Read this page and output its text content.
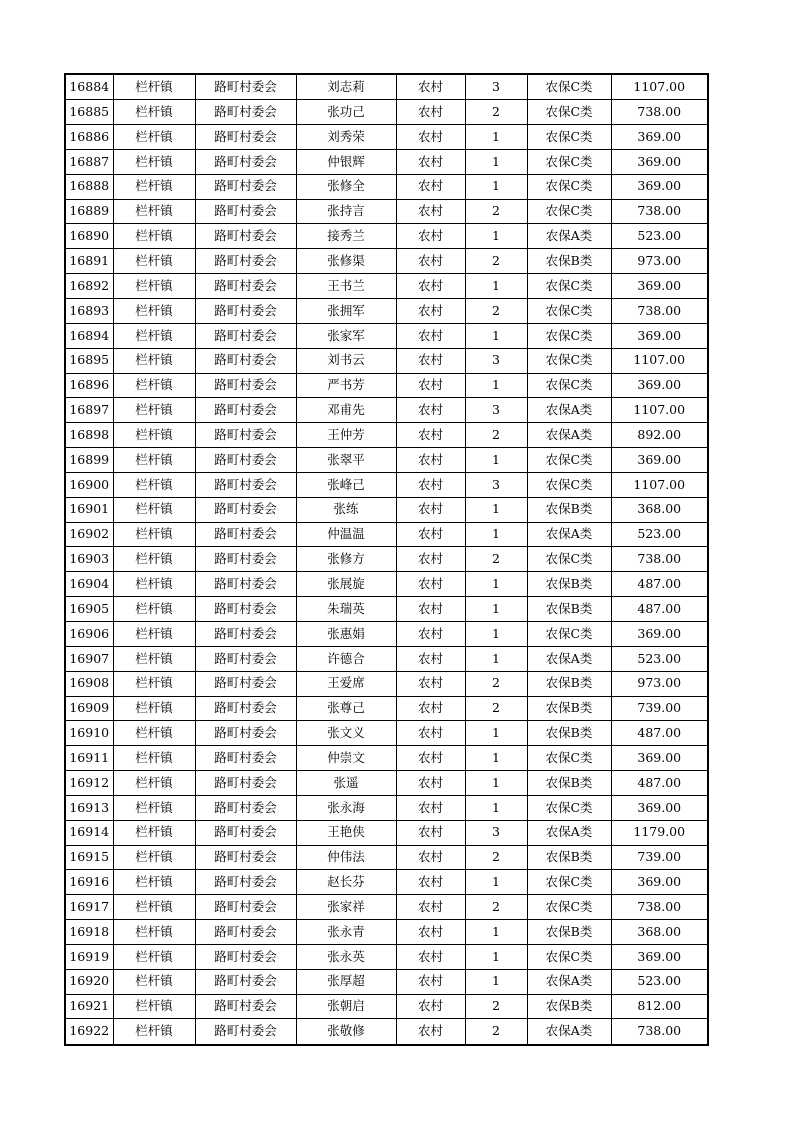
16884	栏杆镇	路町村委会	刘志莉	农村	3	农保C类	1107.00
16885	栏杆镇	路町村委会	张功己	农村	2	农保C类	738.00
16886	栏杆镇	路町村委会	刘秀荣	农村	1	农保C类	369.00
16887	栏杆镇	路町村委会	仲银辉	农村	1	农保C类	369.00
16888	栏杆镇	路町村委会	张修全	农村	1	农保C类	369.00
16889	栏杆镇	路町村委会	张持言	农村	2	农保C类	738.00
16890	栏杆镇	路町村委会	接秀兰	农村	1	农保A类	523.00
16891	栏杆镇	路町村委会	张修渠	农村	2	农保B类	973.00
16892	栏杆镇	路町村委会	王书兰	农村	1	农保C类	369.00
16893	栏杆镇	路町村委会	张拥军	农村	2	农保C类	738.00
16894	栏杆镇	路町村委会	张家军	农村	1	农保C类	369.00
16895	栏杆镇	路町村委会	刘书云	农村	3	农保C类	1107.00
16896	栏杆镇	路町村委会	严书芳	农村	1	农保C类	369.00
16897	栏杆镇	路町村委会	邓甫先	农村	3	农保A类	1107.00
16898	栏杆镇	路町村委会	王仲芳	农村	2	农保A类	892.00
16899	栏杆镇	路町村委会	张翠平	农村	1	农保C类	369.00
16900	栏杆镇	路町村委会	张峰己	农村	3	农保C类	1107.00
16901	栏杆镇	路町村委会	张练	农村	1	农保B类	368.00
16902	栏杆镇	路町村委会	仲温温	农村	1	农保A类	523.00
16903	栏杆镇	路町村委会	张修方	农村	2	农保C类	738.00
16904	栏杆镇	路町村委会	张展旋	农村	1	农保B类	487.00
16905	栏杆镇	路町村委会	朱瑞英	农村	1	农保B类	487.00
16906	栏杆镇	路町村委会	张惠娟	农村	1	农保C类	369.00
16907	栏杆镇	路町村委会	许德合	农村	1	农保A类	523.00
16908	栏杆镇	路町村委会	王爱席	农村	2	农保B类	973.00
16909	栏杆镇	路町村委会	张尊己	农村	2	农保B类	739.00
16910	栏杆镇	路町村委会	张文义	农村	1	农保B类	487.00
16911	栏杆镇	路町村委会	仲崇文	农村	1	农保C类	369.00
16912	栏杆镇	路町村委会	张遥	农村	1	农保B类	487.00
16913	栏杆镇	路町村委会	张永海	农村	1	农保C类	369.00
16914	栏杆镇	路町村委会	王艳侠	农村	3	农保A类	1179.00
16915	栏杆镇	路町村委会	仲伟法	农村	2	农保B类	739.00
16916	栏杆镇	路町村委会	赵长芬	农村	1	农保C类	369.00
16917	栏杆镇	路町村委会	张家祥	农村	2	农保C类	738.00
16918	栏杆镇	路町村委会	张永青	农村	1	农保B类	368.00
16919	栏杆镇	路町村委会	张永英	农村	1	农保C类	369.00
16920	栏杆镇	路町村委会	张厚超	农村	1	农保A类	523.00
16921	栏杆镇	路町村委会	张朝启	农村	2	农保B类	812.00
16922	栏杆镇	路町村委会	张敬修	农村	2	农保A类	738.00
